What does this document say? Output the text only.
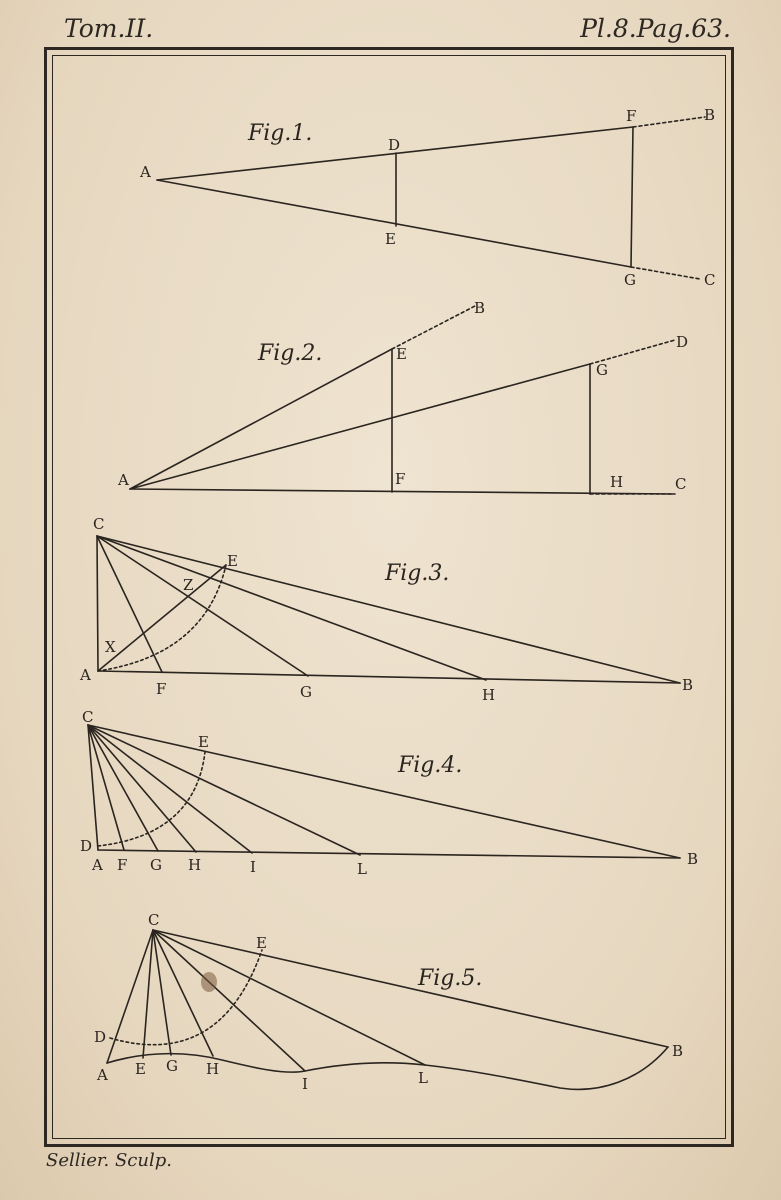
Tom.II.	Pl.8.Pag.63.
Fig.1.
Fig.2.
Fig.3.
Fig.4.
Fig.5.
A
D
E
F	B
G	C
A
E
B
F
G
D
H	C
C
E
Z
X
A
F	G	H
B
C
E
D
A F G H	I	L
B
C
E
D
A E G H
I	L
B
Sellier. Sculp.
